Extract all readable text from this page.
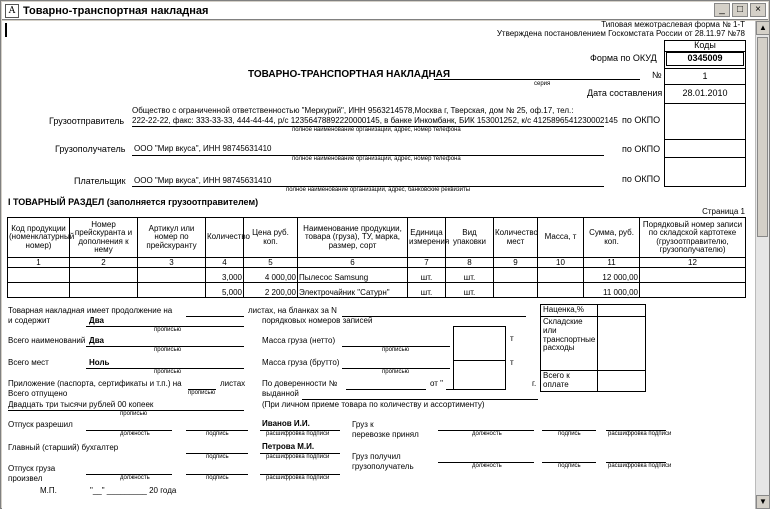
A Товарно-транспортная накладная	_	□	×
Типовая межотраслевая форма № 1-Т
Утверждена постановлением Госкомстата России от 28.11.97 №78
Коды
0345009
1
28.01.2010
Форма по ОКУД
ТОВАРНО-ТРАНСПОРТНАЯ НАКЛАДНАЯ
серия
№
Дата составления
Общество с ограниченной ответственностью "Меркурий", ИНН 9563214578,Москва г, Тверская, дом № 25, оф.17, тел.:
Грузоотправитель 222-22-22, факс: 333-33-33, 444-44-44, р/с 12356478892220000145, в банке Инкомбанк, БИК 153001252, к/с 41258965412300021​45
полное наименование организации, адрес, номер телефона
по ОКПО
Грузополучатель ООО "Мир вкуса", ИНН 98745631410
полное наименование организации, адрес, номер телефона
по ОКПО
Плательщик ООО "Мир вкуса", ИНН 98745631410
полное наименование организации, адрес, банковские реквизиты
по ОКПО
I ТОВАРНЫЙ РАЗДЕЛ (заполняется грузоотправителем)
Страница 1
Код продукции (номенклатурный номер)	Номер прейскуранта и дополнения к нему	Артикул или номер по прейскуранту	Количество	Цена руб. коп.	Наименование продукции, товара (груза), ТУ, марка, размер, сорт	Единица измерения	Вид упаковки	Количество мест	Масса, т	Сумма, руб. коп.	Порядковый номер записи по складской картотеке (грузоотправителю, грузополучателю)
1	2	3	4	5	6	7	8	9	10	11	12
			3,000	4 000,00	Пылесос Samsung	шт.	шт.			12 000,00	
			5,000	2 200,00	Электрочайник "Сатурн"	шт.	шт.			11 000,00	
Товарная накладная имеет продолжение на	листах, на бланках за N
и содержит	Два
прописью
порядковых номеров записей
Всего наименований Два
прописью
Масса груза (нетто)
прописью
т
т
Всего мест	Ноль
прописью
Масса груза (брутто)
прописью
Приложение (паспорта, сертификаты и т.п.) на	листах
прописью
Всего отпущено
Двадцать три тысячи рублей 00 копеек
прописью
По доверенности №	от "	г.
выданной
(При личном приеме товара по количеству и ассортименту)
Наценка,%	
Складские или транспортные расходы	
Всего к оплате	
Отпуск разрешил
должность	подпись
Иванов И.И.
расшифровка подписи
Груз к
перевозке принял	должность	подпись	расшифровка подписи
Главный (старший) бухгалтер
подпись
Петрова М.И.
расшифровка подписи	Груз получил
грузополучатель	должность	подпись	расшифровка подписи
Отпуск груза
произвел	должность	подпись	расшифровка подписи
М.П.	"__" _________ 20 года
▲
▼
